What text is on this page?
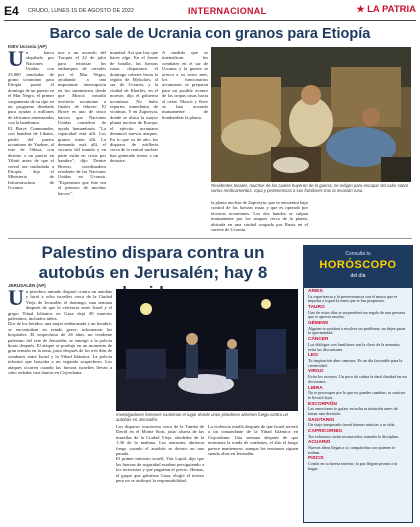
E4 CRUDO, LUNES 15 DE AGOSTO DE 2022	INTERNACIONAL	★ LA PATRIA
Barco sale de Ucrania con granos para Etiopía
KIEV Ucrania (AP)
U n barco alquilado por Naciones Unidas con 23.000 toneladas de grano ucraniano para Etiopía partió el domingo de un puerto en el Mar Negro, el primer cargamento de su tipo en un programa diseñado para ayudar a millones de africanos amenazados con la hambruna.

El Brave Commander, con bandera de Líbano, partió del puerto ucraniano de Yuzhne, al este de Odesa, con destino a un puerto en Yibuti antes de que el cereal sea trasladado a Etiopía, dijo el Ministerio de Infraestructura de Ucrania.

nos a un acuerdo del Turquía el 22 de julio para reiniciar los embarques de cereales por el Mar Negro, ayudando a una importante interrupción en los suministros desde que Moscú invadió territorio ucraniano a finales de febrero. El Brave es uno de cinco barcos que Naciones Unidas considera de ayuda humanitaria. "La capacidad está allí. Los granos están allí. La demanda está allí, el circuito del mundo y en parte están en crisis por hambre", dijo Denise Brown, coordinadora residente de las Naciones Unidas en Ucrania. "Esperamos que éste sea el primero de muchos barcos".
mundial. Así que hay que hacer algo. En el frente de batalla, las fuerzas rusas dispararon el domingo cohetes hacia la región de Mykolaiv, al sur de Ucrania, y la ciudad de Kharkiv, en el noreste, dijo el gobierno ucraniano. No hubo reportes inmediatos de víctimas. Y en Zaporiyia, donde se ubica la mayor planta nuclear de Europa, el ejército ucraniano denunció nuevos ataques. En lo que va de año, los disparos de artillería cerca de la central nuclear han generado temor a un desastre.
A medida que se intensifican los combates en el sur de Ucrania y la guerra se acerca a su sexto mes, los funcionarios ucranianos se preparan para un posible avance de las tropas rusas hacia el oeste. Moscú y Kiev se han acusado mutuamente de bombardear la planta.
Residentes locales, muchos de los cuales huyeron de la guerra, se relajan para escapar del calor sobre varios medicamentos, ropa y pertenencias a sus familiares tras la invasión rusa.
la planta nuclear de Zaporiyia, que se encuentra bajo control de las fuerzas rusas y que es operada por técnicos ucranianos. Los dos bandos se culpan mutuamente por los ataques cerca de la planta, ubicada en una ciudad ocupada por Rusia en el sureste de Ucrania.
Palestino dispara contra un autobús en Jerusalén; hay 8
JERUSALÉN (AP)
U n pistolero armado disparó contra un autobús y hirió a ocho israelíes cerca de la Ciudad Vieja de Jerusalén el domingo, una semana después de que la violencia entre Israel y el grupo Yihad Islámica en Gaza dejó 49 muertos palestinos, incluidos niños.

Dos de los heridos, una mujer embarazada y un hombre, se encontraban en estado grave, informaron los hospitales. El sospechoso de 26 años, un residente palestino del este de Jerusalén, se entregó a la policía horas después. El ataque se produjo en un momento de gran tensión en la zona, justo después de los tres días de combates entre Israel y la Yihad Islámica. La policía informó que buscaba a un segundo sospechoso. Los ataques ocurren cuando las fuerzas israelíes llevan a cabo redadas casi diarias en Cisjordania.

Investigadores forenses examinan el lugar donde unos pistoleros abrieron fuego contra un autobús en Jerusalén.

Los disparos ocurrieron cerca de la Tumba de David en el Monte Sion, justo afuera de las murallas de la Ciudad Vieja, alrededor de la 1:30 de la mañana. Los atacantes abrieron fuego cuando el autobús se detuvo en una parada.

El primer ministro israelí, Yair Lapid, dijo que las fuerzas de seguridad estaban persiguiendo a los terroristas y que pagarían el precio. Hamas, el grupo que gobierna Gaza, elogió el tiroteo pero no se atribuyó la responsabilidad.

La violencia estalló después de que Israel arrestó a un comandante de la Yihad Islámica en Cisjordania. Una semana después de que terminara la ronda de combates, el alto el fuego parece mantenerse, aunque las tensiones siguen siendo altas en Jerusalén.
Consulta tu
HORÓSCOPO
del día
ARIES
La experiencia y la perseverancia son el motor que te impulsa a lograr la meta que te has propuesto.
TAURO
Uno de estos días te sorprenderá un regalo de una persona que te aprecia mucho.
GÉMINIS
Alguien te ayudará a resolver un problema; no dejes pasar la oportunidad.
CÁNCER
Los diálogos con familiares son la clave de la armonía; evita las discusiones.
LEO
Tu inspiración abre caminos. Es un día favorable para la creatividad.
VIRGO
Evita los excesos. Un poco de calma te dará claridad en tus decisiones.
LIBRA
No te preocupes por lo que no puedes cambiar; tu carácter te llevará lejos.
ESCORPIÓN
Las emociones te guían; escucha tu intuición antes de tomar una decisión.
SAGITARIO
Un viaje inesperado traerá buenas noticias a tu vida.
CAPRICORNIO
Tus esfuerzos serán reconocidos; mantén la disciplina.
ACUARIO
Nuevas ideas llegan a ti; compártelas con quienes te rodean.
PISCIS
Confía en tu fuerza interior; la paz llegará pronto a tu hogar.
